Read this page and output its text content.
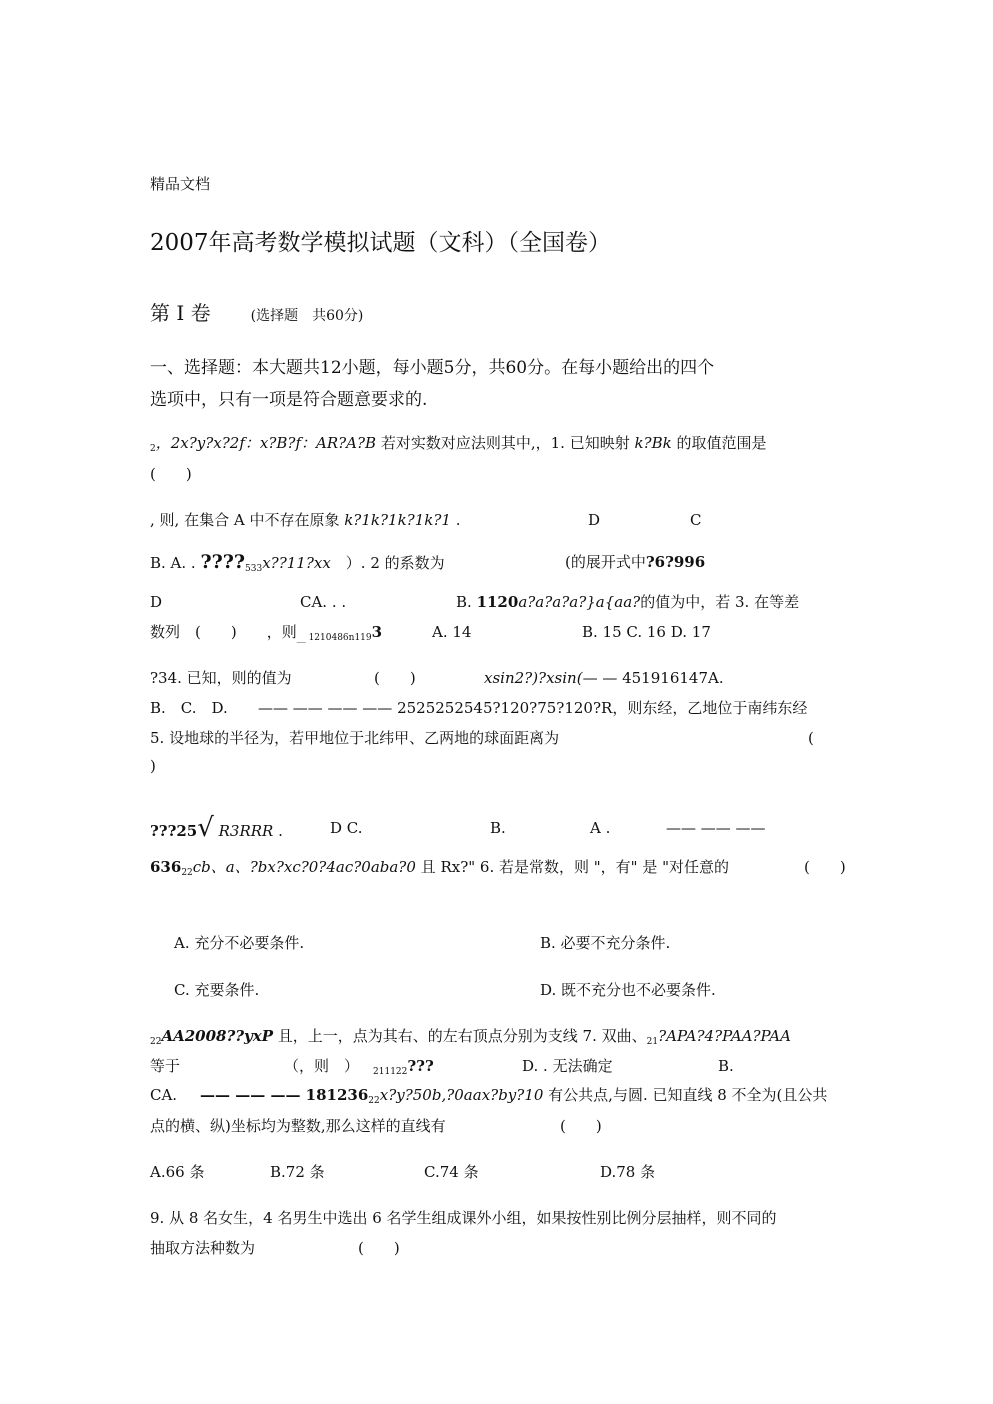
精品文档
2007年高考数学模拟试题（文科）（全国卷）
第 I 卷	(选择题　共60分)
一、选择题：本大题共12小题，每小题5分，共60分。在每小题给出的四个
选项中，只有一项是符合题意要求的.
$_2$，2x?y?x?2f：x?B?f：AR?A?B 若对实数对应法则其中,，1. 已知映射 k?Bk 的取值范围是
(　　)
, 则, 在集合 A 中不存在原象 k?1k?1k?1k?1 .	D	C
B. A. . $????_{533}x??11?xx$　）. 2 的系数为	(的展开式中?6?996
D	CA. . .	B. 1120a?a?a?a?}a{aa?的值为中，若 3. 在等差
数列　(　　)　　，则$_{\_\_ 1210486n119}$3	A. 14	B. 15 C. 16 D. 17
?34. 已知，则的值为	(　　)	xsin2?)?xsin(— — 451916147A.
B.　C.　D. —— —— —— —— 2525252545?120?75?120?R，则东经，乙地位于南纬东经
5. 设地球的半径为，若甲地位于北纬甲、乙两地的球面距离为	(
)
???25√ R3RRR .	D C.	B.	A .	—— —— ——
$636_{22}cb$、a、?bx?xc?0?4ac?0aba?0 且 Rx?" 6. 若是常数，则 "，有" 是 "对任意的	(　　)
A. 充分不必要条件.	B. 必要不充分条件.
C. 充要条件.	D. 既不充分也不必要条件.
$_{22}$AA2008??yxP 且，上一，点为其右、的左右顶点分别为支线 7. 双曲、$_{21}$?APA?4?PAA?PAA
等于	（，则　） $_{211122}$???	D. . 无法确定	B.
CA. —— —— —— $181236_{22}x?y?50b,?0aax?by?10$ 有公共点,与圆. 已知直线 8 不全为(且公共
点的横、纵)坐标均为整数,那么这样的直线有	(　　)
A.66 条	B.72 条	C.74 条	D.78 条
9. 从 8 名女生，4 名男生中选出 6 名学生组成课外小组，如果按性别比例分层抽样，则不同的
抽取方法种数为	(　　)
